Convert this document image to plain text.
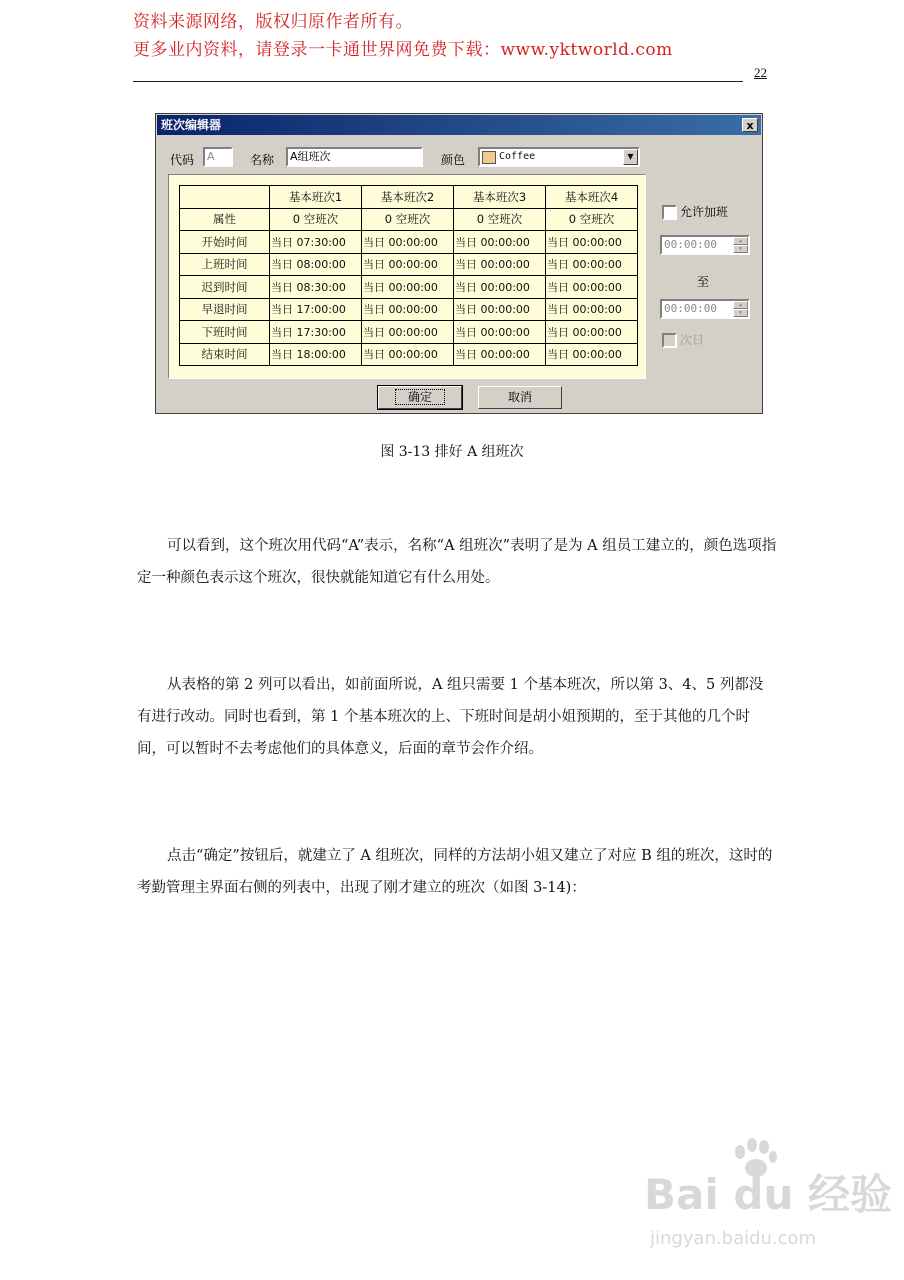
资料来源网络，版权归原作者所有。
更多业内资料，请登录一卡通世界网免费下载：www.yktworld.com
22
班次编辑器	x
代码	A	名称	A组班次	颜色	Coffee	▼
	基本班次1	基本班次2	基本班次3	基本班次4
属性	0 空班次	0 空班次	0 空班次	0 空班次
开始时间	当日 07:30:00	当日 00:00:00	当日 00:00:00	当日 00:00:00
上班时间	当日 08:00:00	当日 00:00:00	当日 00:00:00	当日 00:00:00
迟到时间	当日 08:30:00	当日 00:00:00	当日 00:00:00	当日 00:00:00
早退时间	当日 17:00:00	当日 00:00:00	当日 00:00:00	当日 00:00:00
下班时间	当日 17:30:00	当日 00:00:00	当日 00:00:00	当日 00:00:00
结束时间	当日 18:00:00	当日 00:00:00	当日 00:00:00	当日 00:00:00
允许加班
00:00:00	▲
▼
至
00:00:00	▲
▼
次日
确定	取消
图 3-13 排好 A 组班次

可以看到，这个班次用代码“A”表示，名称“A 组班次”表明了是为 A 组员工建立的，颜色选项指定一种颜色表示这个班次，很快就能知道它有什么用处。

从表格的第 2 列可以看出，如前面所说，A 组只需要 1 个基本班次，所以第 3、4、5 列都没有进行改动。同时也看到，第 1 个基本班次的上、下班时间是胡小姐预期的，至于其他的几个时间，可以暂时不去考虑他们的具体意义，后面的章节会作介绍。

点击“确定”按钮后，就建立了 A 组班次，同样的方法胡小姐又建立了对应 B 组的班次，这时的考勤管理主界面右侧的列表中，出现了刚才建立的班次（如图 3-14)：

Bai du 经验
jingyan.baidu.com
